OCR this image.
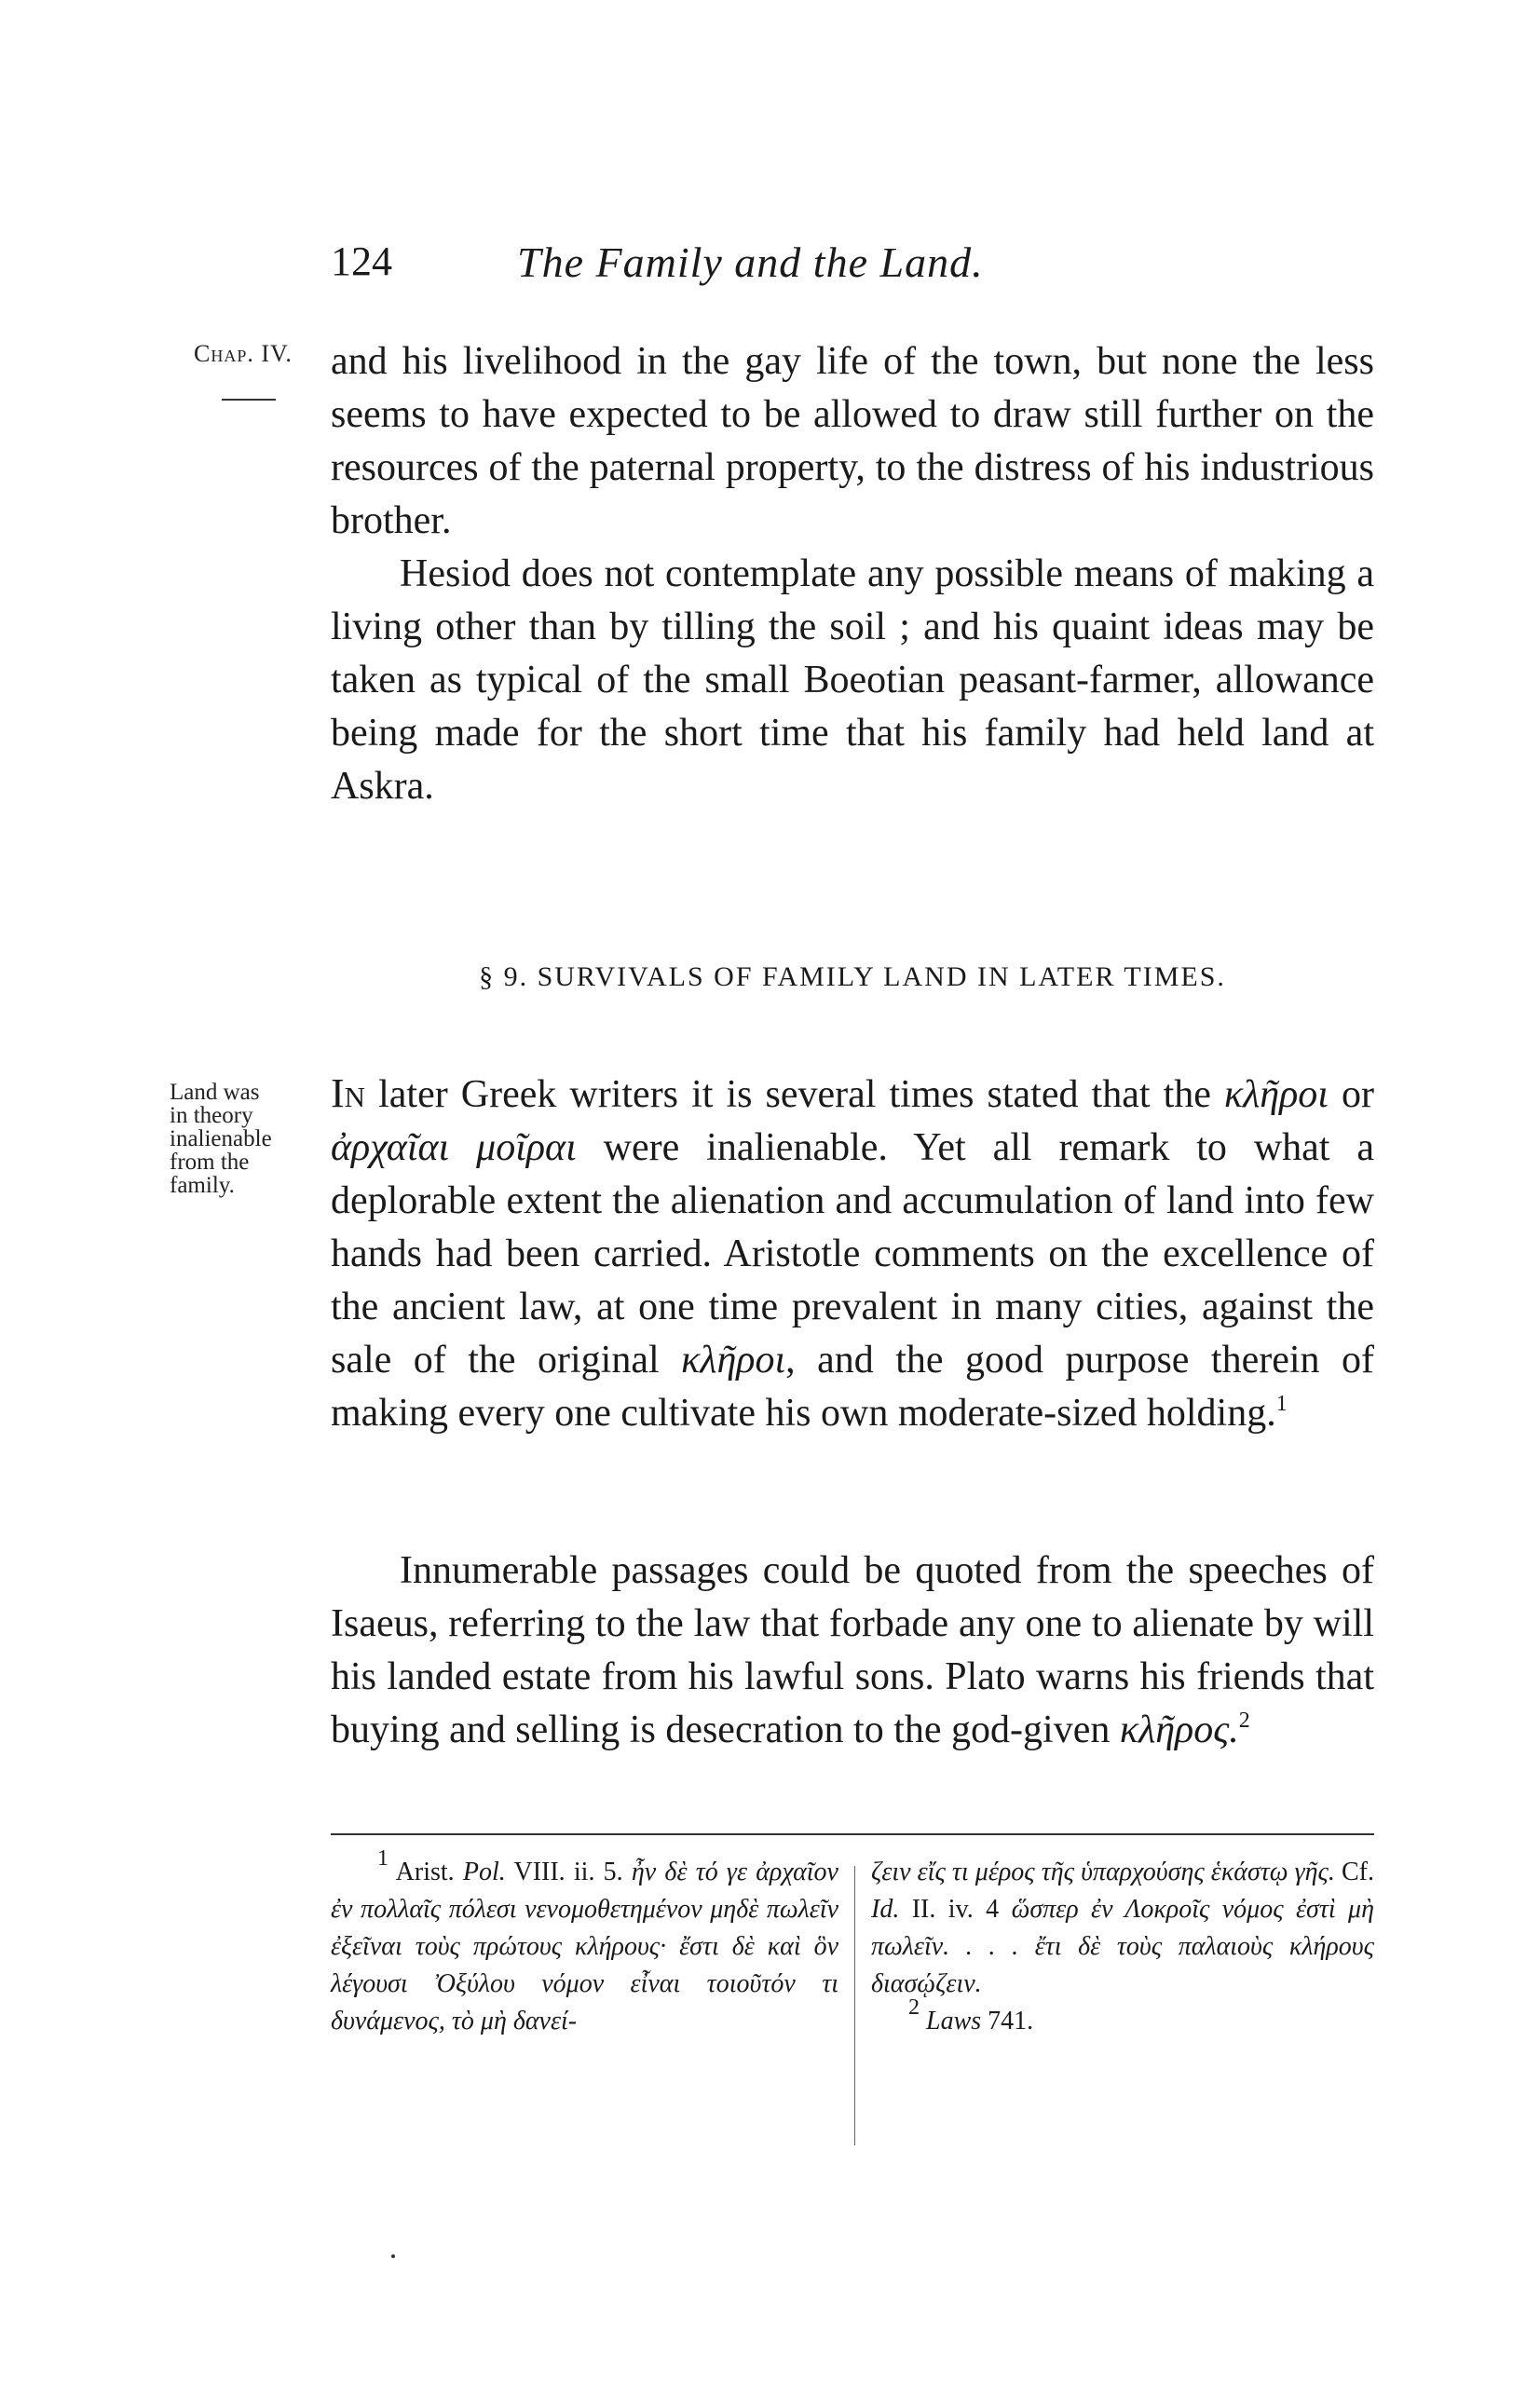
124	The Family and the Land.
Chap. IV. and his livelihood in the gay life of the town, but none the less seems to have expected to be allowed to draw still further on the resources of the paternal property, to the distress of his industrious brother.
Hesiod does not contemplate any possible means of making a living other than by tilling the soil ; and his quaint ideas may be taken as typical of the small Boeotian peasant-farmer, allowance being made for the short time that his family had held land at Askra.
§ 9. SURVIVALS OF FAMILY LAND IN LATER TIMES.
Land was
in theory
inalienable
from the
family.
In later Greek writers it is several times stated that the κλῆροι or ἀρχαῖαι μοῖραι were inalienable. Yet all remark to what a deplorable extent the alienation and accumulation of land into few hands had been carried. Aristotle comments on the excellence of the ancient law, at one time prevalent in many cities, against the sale of the original κλῆροι, and the good purpose therein of making every one cultivate his own moderate-sized holding.$^1$
Innumerable passages could be quoted from the speeches of Isaeus, referring to the law that forbade any one to alienate by will his landed estate from his lawful sons. Plato warns his friends that buying and selling is desecration to the god-given κλῆρος.$^2$
$^1$ Arist. Pol. VIII. ii. 5. ἦν δὲ τό γε ἀρχαῖον ἐν πολλαῖς πόλεσι νενομοθετημένον μηδὲ πωλεῖν ἐξεῖναι τοὺς πρώτους κλήρους· ἔστι δὲ καὶ ὃν λέγουσι Ὀξύλου νόμον εἶναι τοιοῦτόν τι δυνάμενος, τὸ μὴ δανεί-
ζειν εἴς τι μέρος τῆς ὑπαρχούσης ἑκάστῳ γῆς. Cf. Id. II. iv. 4 ὥσπερ ἐν Λοκροῖς νόμος ἐστὶ μὴ πωλεῖν. . . . ἔτι δὲ τοὺς παλαιοὺς κλήρους διασῴζειν.
$^2$ Laws 741.
